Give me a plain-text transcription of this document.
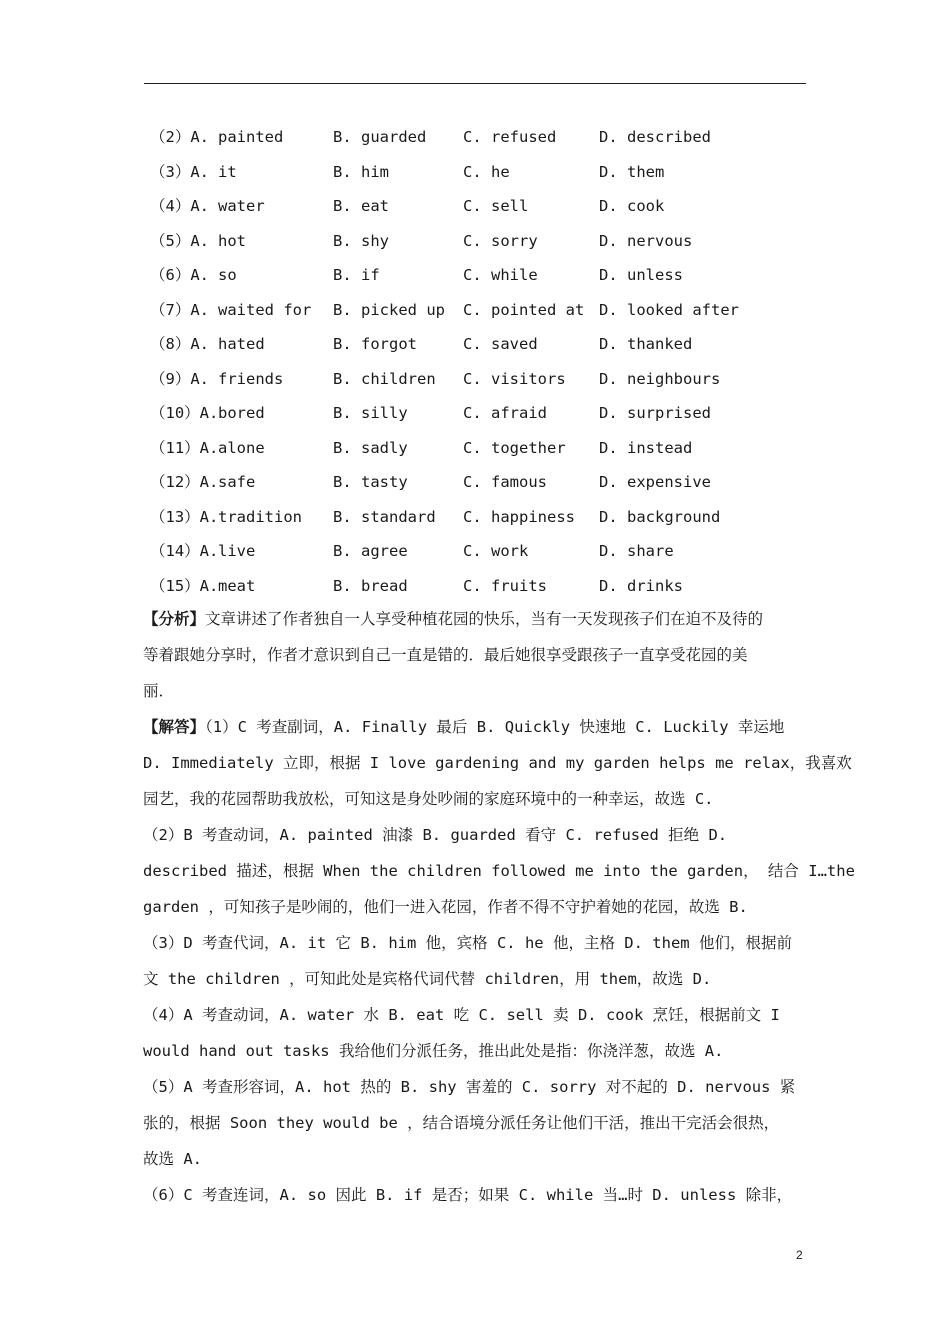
（2）A. painted	B. guarded C. refused	D. described
（3）A. it	B. him	C. he	D. them
（4）A. water	B. eat	C. sell	D. cook
（5）A. hot	B. shy	C. sorry	D. nervous
（6）A. so	B. if	C. while	D. unless
（7）A. waited for B. picked up C. pointed at D. looked after
（8）A. hated	B. forgot	C. saved	D. thanked
（9）A. friends	B. children C. visitors D. neighbours
（10）A. bored	B. silly	C. afraid	D. surprised
（11）A. alone	B. sadly	C. together D. instead
（12）A. safe	B. tasty	C. famous	D. expensive
（13）A. tradition B. standard C. happiness D. background
（14）A. live	B. agree	C. work	D. share
（15）A. meat	B. bread	C. fruits	D. drinks
【分析】文章讲述了作者独自一人享受种植花园的快乐，当有一天发现孩子们在迫不及待的
等着跟她分享时，作者才意识到自己一直是错的．最后她很享受跟孩子一直享受花园的美
丽．
【解答】（1）C 考查副词，A. Finally 最后 B. Quickly 快速地 C. Luckily 幸运地
D. Immediately 立即，根据 I love gardening and my garden helps me relax，我喜欢
园艺，我的花园帮助我放松，可知这是身处吵闹的家庭环境中的一种幸运，故选 C.
（2）B 考查动词，A. painted 油漆 B. guarded 看守 C. refused 拒绝 D.
described 描述，根据 When the children followed me into the garden， 结合 I…the
garden ，可知孩子是吵闹的，他们一进入花园，作者不得不守护着她的花园，故选 B.
（3）D 考查代词，A. it 它 B. him 他，宾格 C. he 他，主格 D. them 他们，根据前
文 the children ，可知此处是宾格代词代替 children，用 them，故选 D.
（4）A 考查动词，A. water 水 B. eat 吃 C. sell 卖 D. cook 烹饪，根据前文 I
would hand out tasks 我给他们分派任务，推出此处是指：你浇洋葱，故选 A.
（5）A 考查形容词，A. hot 热的 B. shy 害羞的 C. sorry 对不起的 D. nervous 紧
张的，根据 Soon they would be ，结合语境分派任务让他们干活，推出干完活会很热，
故选 A.
（6）C 考查连词，A. so 因此 B. if 是否；如果 C. while 当…时 D. unless 除非，
2
